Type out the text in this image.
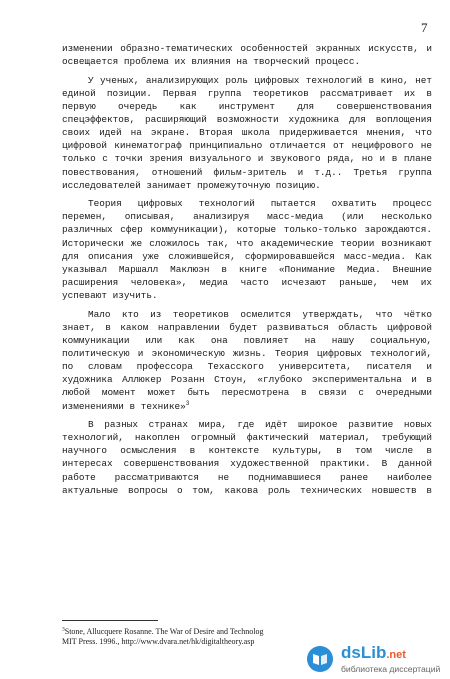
7
изменении образно-тематических особенностей экранных искусств, и
освещается проблема их влияния на творческий процесс.
У ученых, анализирующих роль цифровых технологий в кино, нет
единой позиции. Первая группа теоретиков рассматривает их в
первую очередь как инструмент для совершенствования
спецэффектов, расширяющий возможности художника для воплощения
своих идей на экране. Вторая школа придерживается мнения, что
цифровой кинематограф принципиально отличается от нецифрового не
только с точки зрения визуального и звукового ряда, но и в плане
повествования, отношений фильм-зритель и т.д.. Третья группа
исследователей занимает промежуточную позицию.
Теория цифровых технологий пытается охватить процесс
перемен, описывая, анализируя масс-медиа (или несколько
различных сфер коммуникации), которые только-только зарождаются.
Исторически же сложилось так, что академические теории возникают
для описания уже сложившейся, сформировавшейся масс-медиа. Как
указывал Маршалл Маклюэн в книге «Понимание Медиа. Внешние
расширения человека», медиа часто исчезают раньше, чем их
успевают изучить.
Мало кто из теоретиков осмелится утверждать, что чётко
знает, в каком направлении будет развиваться область цифровой
коммуникации или как она повлияет на нашу социальную,
политическую и экономическую жизнь. Теория цифровых технологий,
по словам профессора Техасского университета, писателя и
художника Аллюкер Розанн Стоун, «глубоко экспериментальна и в
любой момент может быть пересмотрена в связи с очередными
изменениями в технике»$^3$
В разных странах мира, где идёт широкое развитие новых
технологий, накоплен огромный фактический материал, требующий
научного осмысления в контексте культуры, в том числе в
интересах совершенствования художественной практики. В данной
работе рассматриваются не поднимавшиеся ранее наиболее
актуальные вопросы о том, какова роль технических новшеств в
$^3$Stone, Allucquere Rosanne. The War of Desire and Technolog
MIT Press. 1996., http://www.dvara.net/hk/digitaltheory.asp
dsLib.net
библиотека диссертаций
